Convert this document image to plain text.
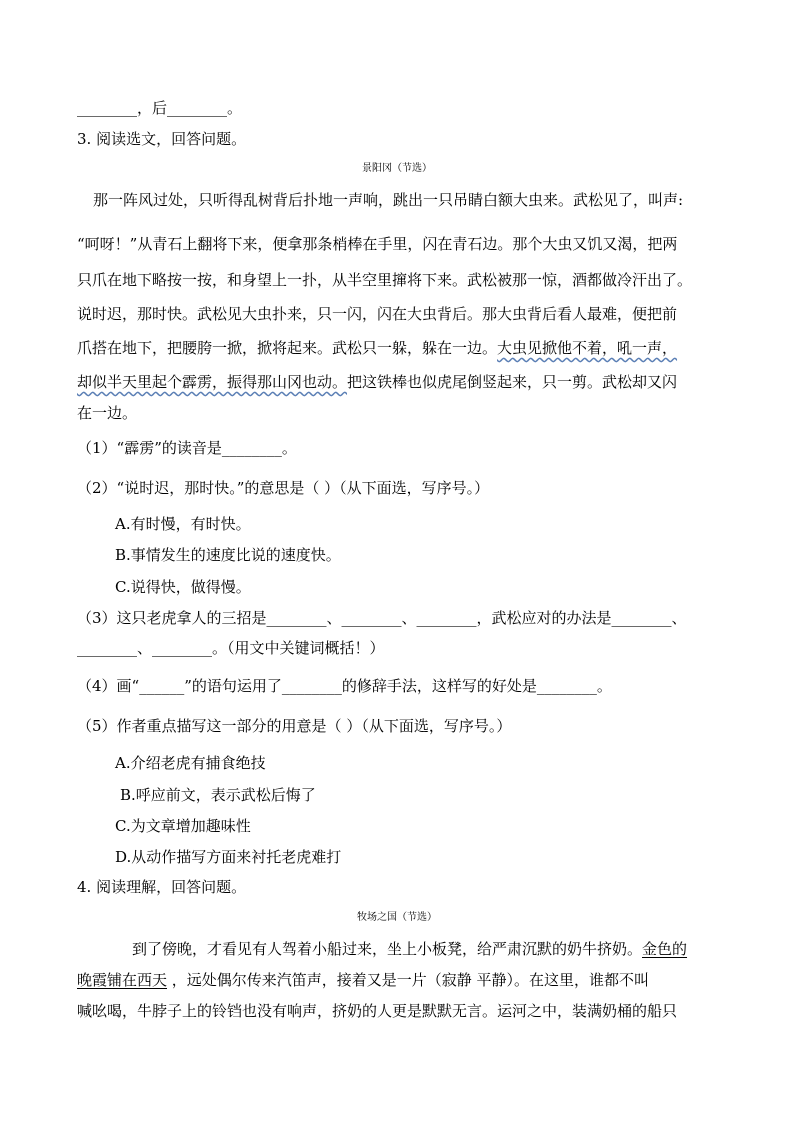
________，后________。
3. 阅读选文，回答问题。
景阳冈（节选）
那一阵风过处，只听得乱树背后扑地一声响，跳出一只吊睛白额大虫来。武松见了，叫声:
“呵呀！”从青石上翻将下来，便拿那条梢棒在手里，闪在青石边。那个大虫又饥又渴，把两
只爪在地下略按一按，和身望上一扑，从半空里撺将下来。武松被那一惊，酒都做冷汗出了。
说时迟，那时快。武松见大虫扑来，只一闪，闪在大虫背后。那大虫背后看人最难，便把前
爪搭在地下，把腰胯一掀，掀将起来。武松只一躲，躲在一边。大虫见掀他不着，吼一声，
却似半天里起个霹雳，振得那山冈也动。把这铁棒也似虎尾倒竖起来，只一剪。武松却又闪
在一边。
（1）“霹雳”的读音是________。
（2）“说时迟，那时快。”的意思是（ ）（从下面选，写序号。）
A.有时慢，有时快。
B.事情发生的速度比说的速度快。
C.说得快，做得慢。
（3）这只老虎拿人的三招是________、________、________，武松应对的办法是________、
________、________。（用文中关键词概括！）
（4）画“______”的语句运用了________的修辞手法，这样写的好处是________。
（5）作者重点描写这一部分的用意是（ ）（从下面选，写序号。）
A.介绍老虎有捕食绝技
B.呼应前文，表示武松后悔了
C.为文章增加趣味性
D.从动作描写方面来衬托老虎难打
4. 阅读理解，回答问题。
牧场之国（节选）
到了傍晚，才看见有人驾着小船过来，坐上小板凳，给严肃沉默的奶牛挤奶。金色的
晚霞铺在西天 ，远处偶尔传来汽笛声，接着又是一片（寂静 平静）。在这里，谁都不叫
喊吆喝，牛脖子上的铃铛也没有响声，挤奶的人更是默默无言。运河之中，装满奶桶的船只
